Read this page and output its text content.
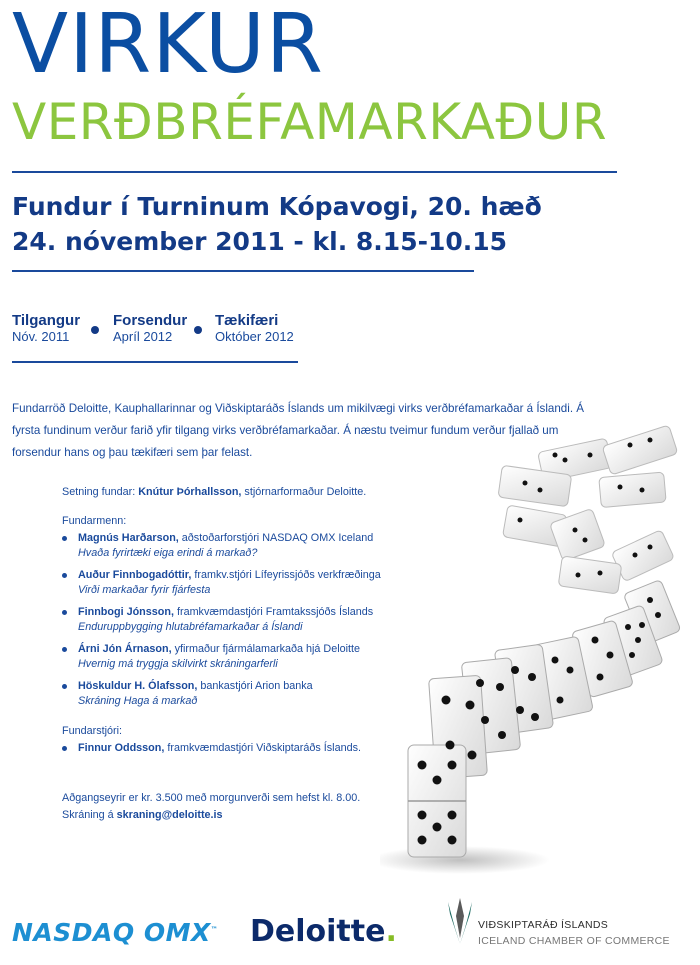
VIRKUR
VERÐBRÉFAMARKAÐUR
Fundur í Turninum Kópavogi, 20. hæð
24. nóvember 2011 - kl. 8.15-10.15
Tilgangur
Nóv. 2011
Forsendur
Apríl 2012
Tækifæri
Október 2012
Fundarröð Deloitte, Kauphallarinnar og Viðskiptaráðs Íslands um mikilvægi virks verðbréfamarkaðar á Íslandi. Á
fyrsta fundinum verður farið yfir tilgang virks verðbréfamarkaðar. Á næstu tveimur fundum verður fjallað um
forsendur hans og þau tækifæri sem þar felast.
Setning fundar: Knútur Þórhallsson, stjórnarformaður Deloitte.
Fundarmenn:
Magnús Harðarson, aðstoðarforstjóri NASDAQ OMX Iceland
Hvaða fyrirtæki eiga erindi á markað?
Auður Finnbogadóttir, framkv.stjóri Lífeyrissjóðs verkfræðinga
Virði markaðar fyrir fjárfesta
Finnbogi Jónsson, framkvæmdastjóri Framtakssjóðs Íslands
Enduruppbygging hlutabréfamarkaðar á Íslandi
Árni Jón Árnason, yfirmaður fjármálamarkaða hjá Deloitte
Hvernig má tryggja skilvirkt skráningarferli
Höskuldur H. Ólafsson, bankastjóri Arion banka
Skráning Haga á markað
Fundarstjóri:
Finnur Oddsson, framkvæmdastjóri Viðskiptaráðs Íslands.
Aðgangseyrir er kr. 3.500 með morgunverði sem hefst kl. 8.00.
Skráning á skraning@deloitte.is
NASDAQ OMX™ Deloitte.	VIÐSKIPTARÁÐ ÍSLANDS
ICELAND CHAMBER OF COMMERCE
